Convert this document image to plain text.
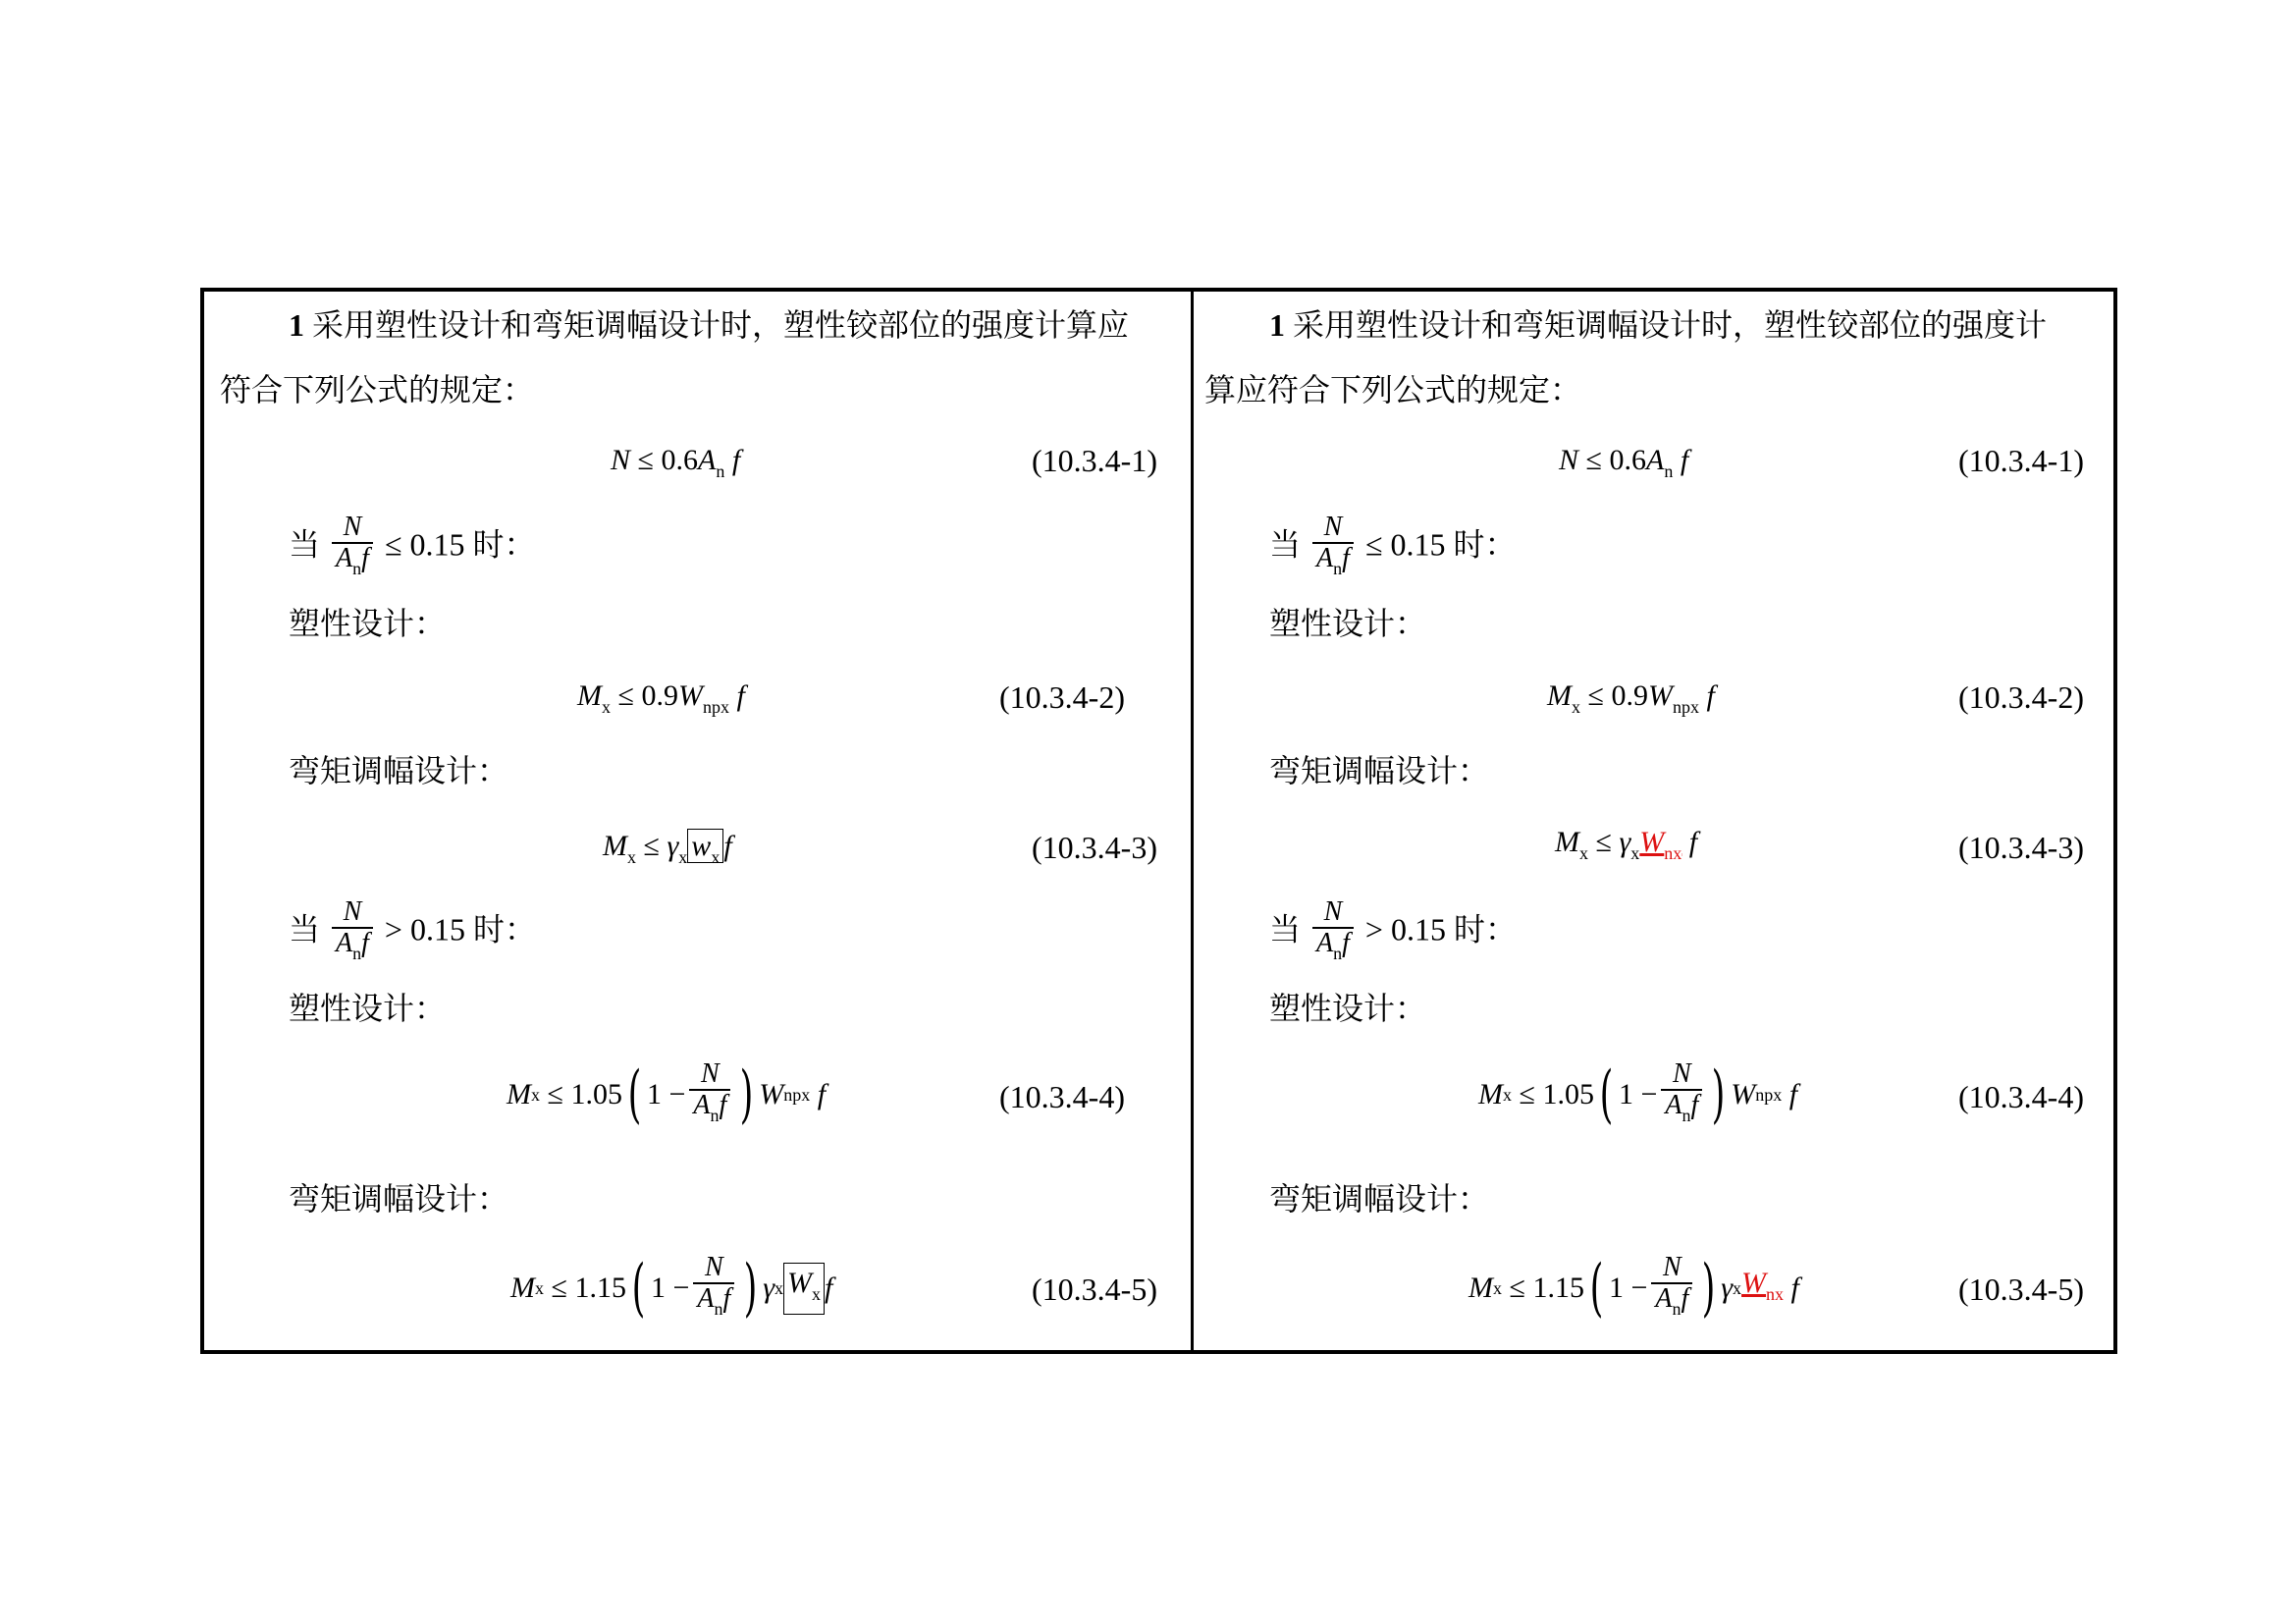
1 采用塑性设计和弯矩调幅设计时，塑性铰部位的强度计算应
符合下列公式的规定：
$N \le 0.6A_n$ f	(10.3.4-1)
当 $\frac{N}{A_nf} \le 0.15$ 时：
塑性设计：
$M_x \le 0.9W_{npx}$ f	(10.3.4-2)
弯矩调幅设计：
$M_x \le \gamma_x$ $w_x$ f	(10.3.4-3)
当 $\frac{N}{A_nf} > 0.15$ 时：
塑性设计：
M x
≤
1.05 ( $1 - \frac{N}{A_nf}$ ) W npx
f	(10.3.4-4)
弯矩调幅设计：
M x
≤
1.15 ( $1 - \frac{N}{A_nf}$ ) γ x $W_x$ f	(10.3.4-5)
1 采用塑性设计和弯矩调幅设计时，塑性铰部位的强度计
算应符合下列公式的规定：
$N \le 0.6A_n$ f	(10.3.4-1)
当 $\frac{N}{A_nf} \le 0.15$ 时：
塑性设计：
$M_x \le 0.9W_{npx}$ f	(10.3.4-2)
弯矩调幅设计：
$M_x \le \gamma_xW_{nx}$ f	(10.3.4-3)
当 $\frac{N}{A_nf} > 0.15$ 时：
塑性设计：
M x
≤
1.05 ( $1 - \frac{N}{A_nf}$ ) W npx
f	(10.3.4-4)
弯矩调幅设计：
M x
≤
1.15 ( $1 - \frac{N}{A_nf}$ ) γ x $W_{nx}$
f	(10.3.4-5)
